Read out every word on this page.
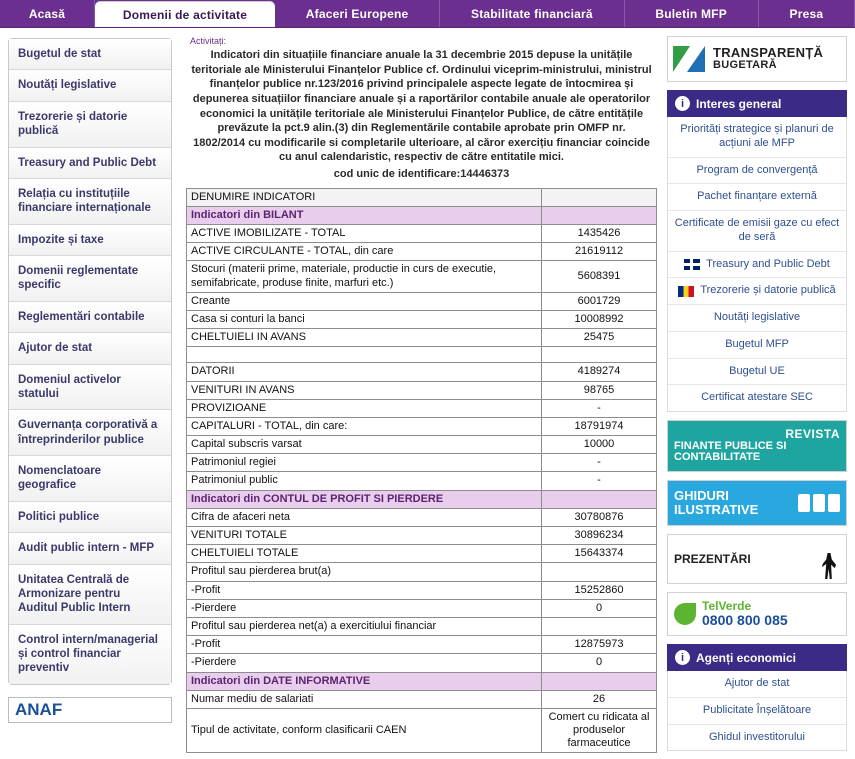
Acasă	Domenii de activitate	Afaceri Europene	Stabilitate financiară	Buletin MFP	Presa
Bugetul de stat
Noutăți legislative
Trezorerie și datorie publică
Treasury and Public Debt
Relația cu instituțiile financiare internaționale
Impozite și taxe
Domenii reglementate specific
Reglementări contabile
Ajutor de stat
Domeniul activelor statului
Guvernanța corporativă a întreprinderilor publice
Nomenclatoare geografice
Politici publice
Audit public intern - MFP
Unitatea Centrală de Armonizare pentru Auditul Public Intern
Control intern/managerial și control financiar preventiv
ANAF
Activitați:
Indicatori din situațiile financiare anuale la 31 decembrie 2015 depuse la unitățile teritoriale ale Ministerului Finanțelor Publice cf. Ordinului viceprim-ministrului, ministrul finanțelor publice nr.123/2016 privind principalele aspecte legate de întocmirea și depunerea situațiilor financiare anuale și a raportărilor contabile anuale ale operatorilor economici la unitățile teritoriale ale Ministerului Finanțelor Publice, de către entitățile prevăzute la pct.9 alin.(3) din Reglementările contabile aprobate prin OMFP nr. 1802/2014 cu modificarile si completarile ulterioare, al căror exercițiu financiar coincide cu anul calendaristic, respectiv de către entitatile mici.
cod unic de identificare:14446373
DENUMIRE INDICATORI	
Indicatori din BILANT	
ACTIVE IMOBILIZATE - TOTAL	1435426
ACTIVE CIRCULANTE - TOTAL, din care	21619112
Stocuri (materii prime, materiale, productie in curs de executie, semifabricate, produse finite, marfuri etc.)	5608391
Creante	6001729
Casa si conturi la banci	10008992
CHELTUIELI IN AVANS	25475

DATORII	4189274
VENITURI IN AVANS	98765
PROVIZIOANE	-
CAPITALURI - TOTAL, din care:	18791974
Capital subscris varsat	10000
Patrimoniul regiei	-
Patrimoniul public	-
Indicatori din CONTUL DE PROFIT SI PIERDERE	
Cifra de afaceri neta	30780876
VENITURI TOTALE	30896234
CHELTUIELI TOTALE	15643374
Profitul sau pierderea brut(a)	
-Profit	15252860
-Pierdere	0
Profitul sau pierderea net(a) a exercitiului financiar	
-Profit	12875973
-Pierdere	0
Indicatori din DATE INFORMATIVE	
Numar mediu de salariati	26
Tipul de activitate, conform clasificarii CAEN	Comert cu ridicata al produselor farmaceutice
TRANSPARENȚĂ
BUGETARĂ
i Interes general
Priorități strategice și planuri de acțiuni ale MFP
Program de convergență
Pachet finanțare externă
Certificate de emisii gaze cu efect de seră
Treasury and Public Debt
Trezorerie și datorie publică
Noutăți legislative
Bugetul MFP
Bugetul UE
Certificat atestare SEC
REVISTA
FINANTE PUBLICE SI CONTABILITATE
GHIDURI
ILUSTRATIVE
PREZENTĂRI
TelVerde
0800 800 085
i Agenți economici
Ajutor de stat
Publicitate Înșelătoare
Ghidul investitorului
